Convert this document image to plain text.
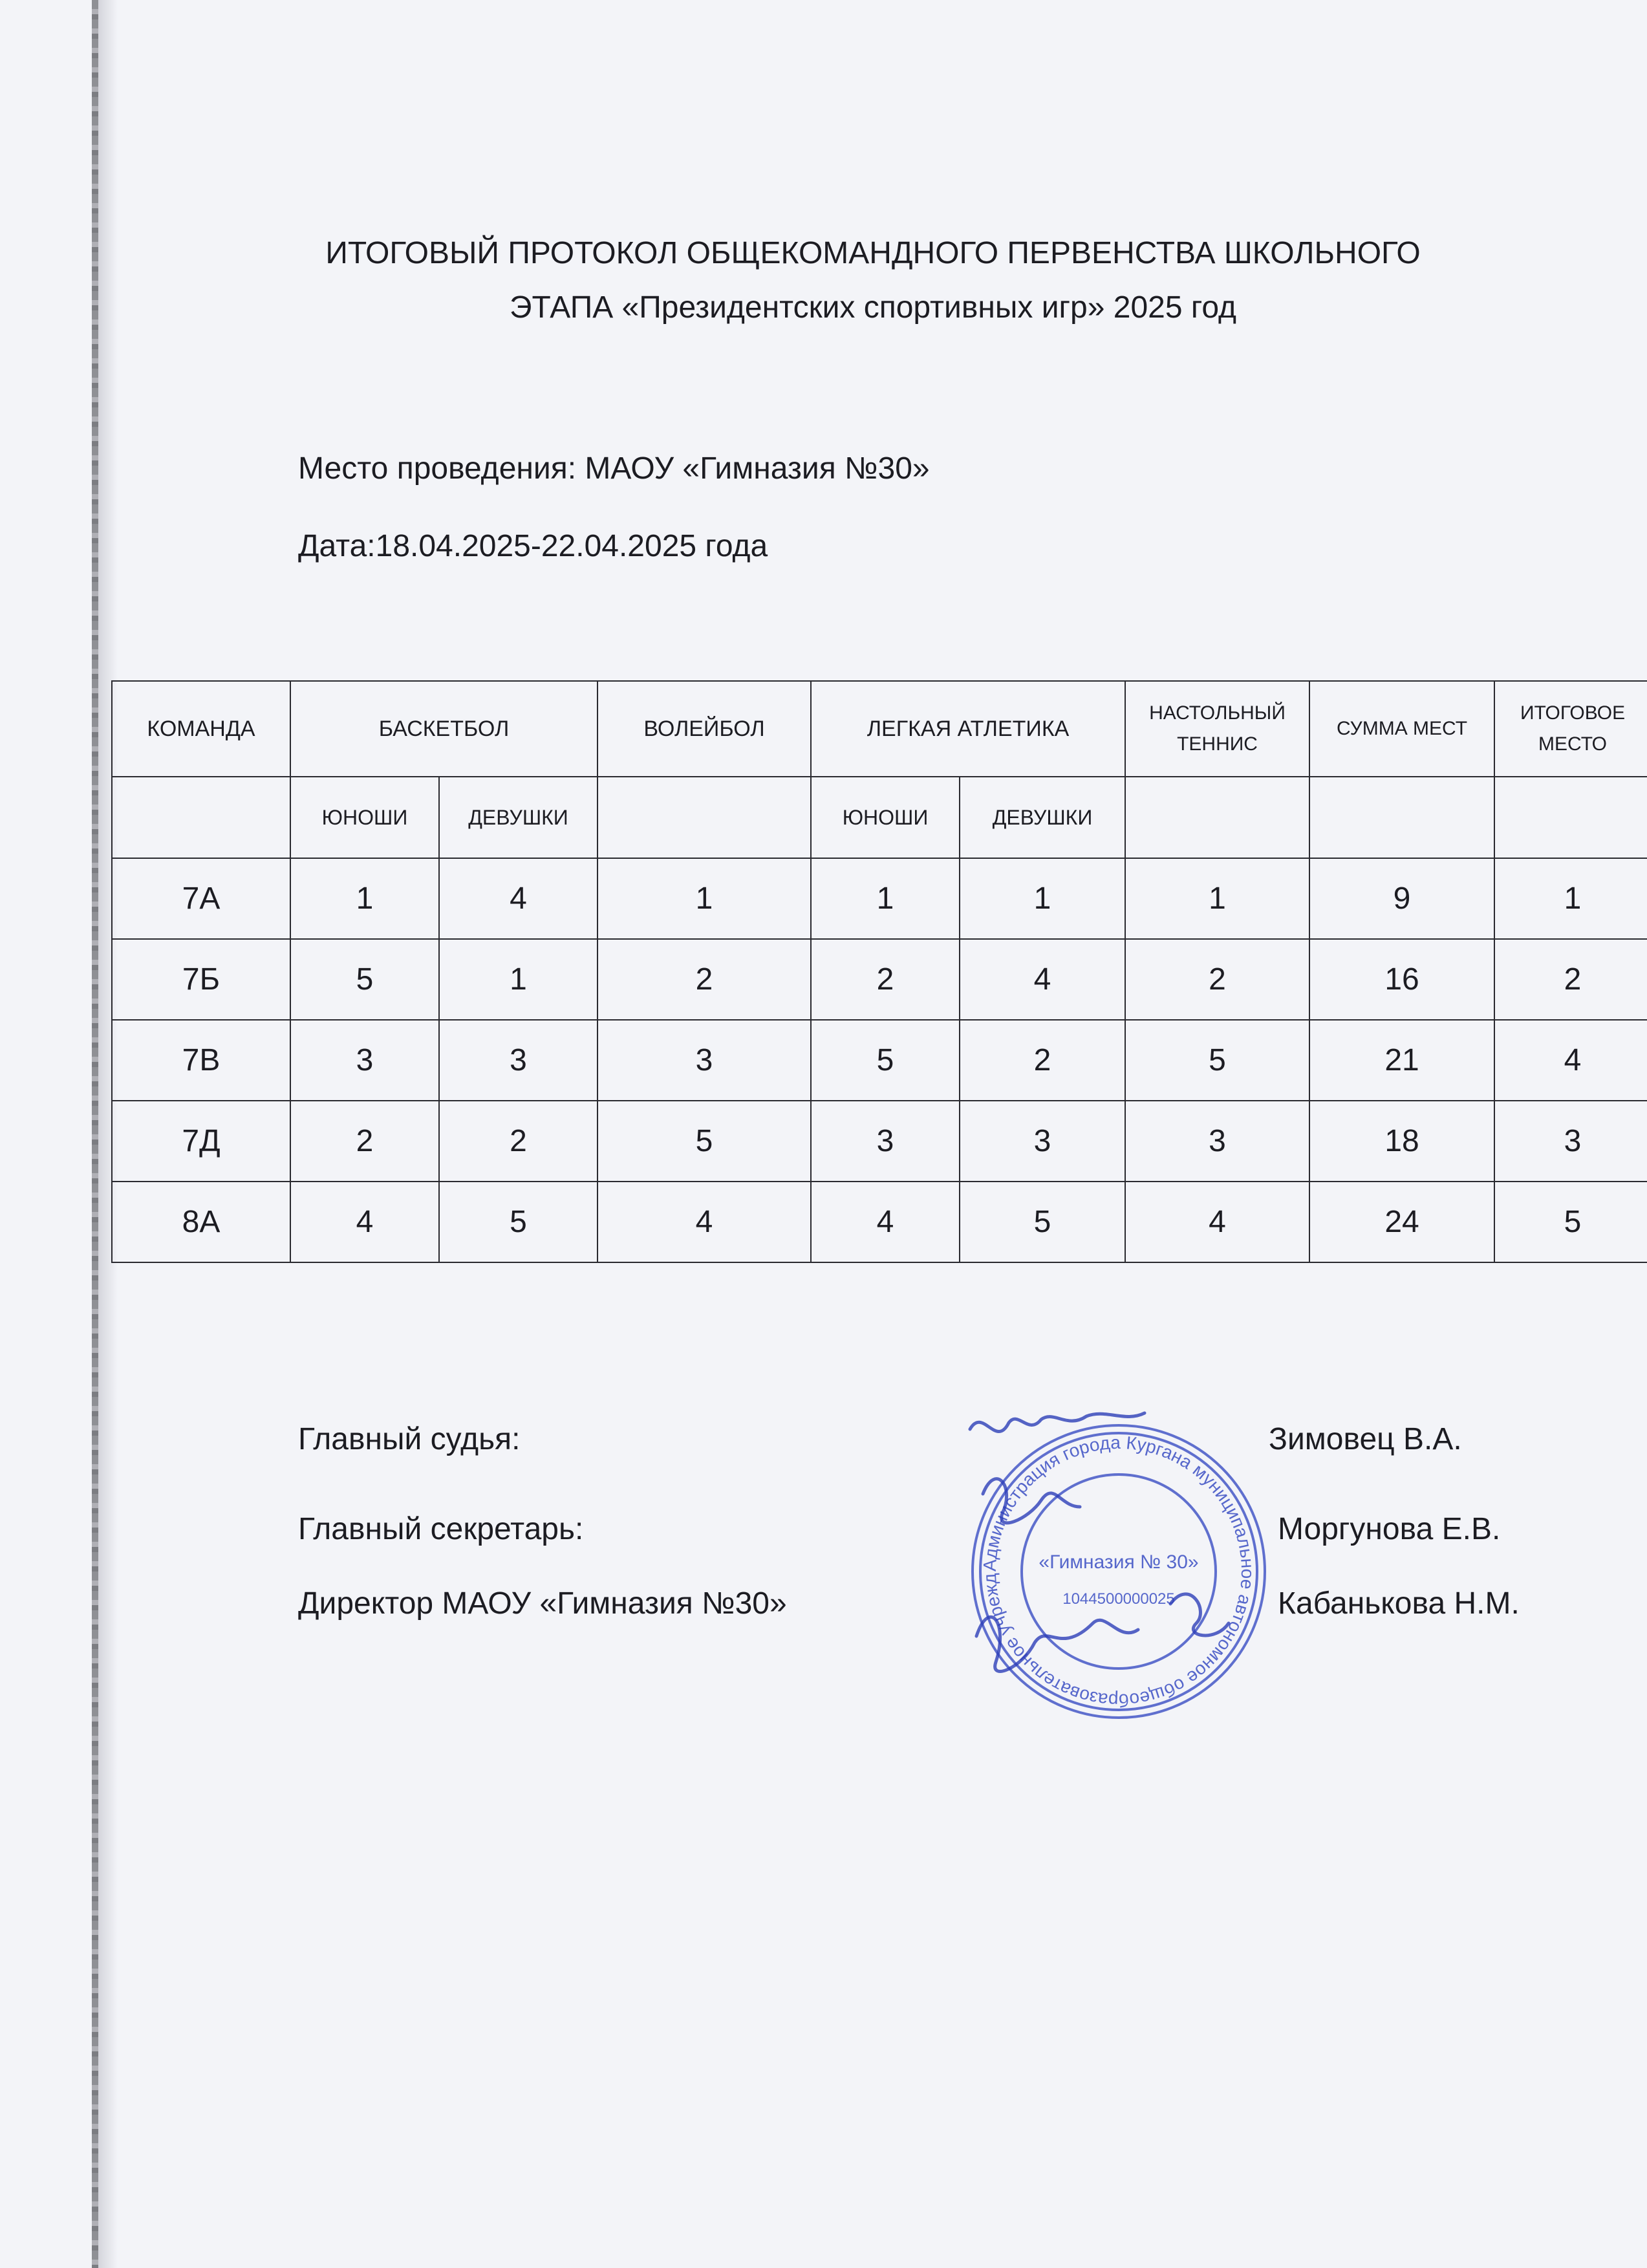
ИТОГОВЫЙ ПРОТОКОЛ ОБЩЕКОМАНДНОГО ПЕРВЕНСТВА ШКОЛЬНОГО
ЭТАПА «Президентских спортивных игр» 2025 год
Место проведения: МАОУ «Гимназия №30»
Дата:18.04.2025-22.04.2025 года
КОМАНДА	БАСКЕТБОЛ		ВОЛЕЙБОЛ	ЛЕГКАЯ АТЛЕТИКА		НАСТОЛЬНЫЙ ТЕННИС	СУММА МЕСТ	ИТОГОВОЕ МЕСТО
	ЮНОШИ	ДЕВУШКИ		ЮНОШИ	ДЕВУШКИ			
7А	1	4	1	1	1	1	9	1
7Б	5	1	2	2	4	2	16	2
7В	3	3	3	5	2	5	21	4
7Д	2	2	5	3	3	3	18	3
8А	4	5	4	4	5	4	24	5
Главный судья:	Зимовец В.А.
Главный секретарь:	Моргунова Е.В.
Директор МАОУ «Гимназия №30»	Кабанькова Н.М.
Администрация города Кургана муниципальное автономное общеобразовательное учрежд
«Гимназия № 30»
1044500000025
